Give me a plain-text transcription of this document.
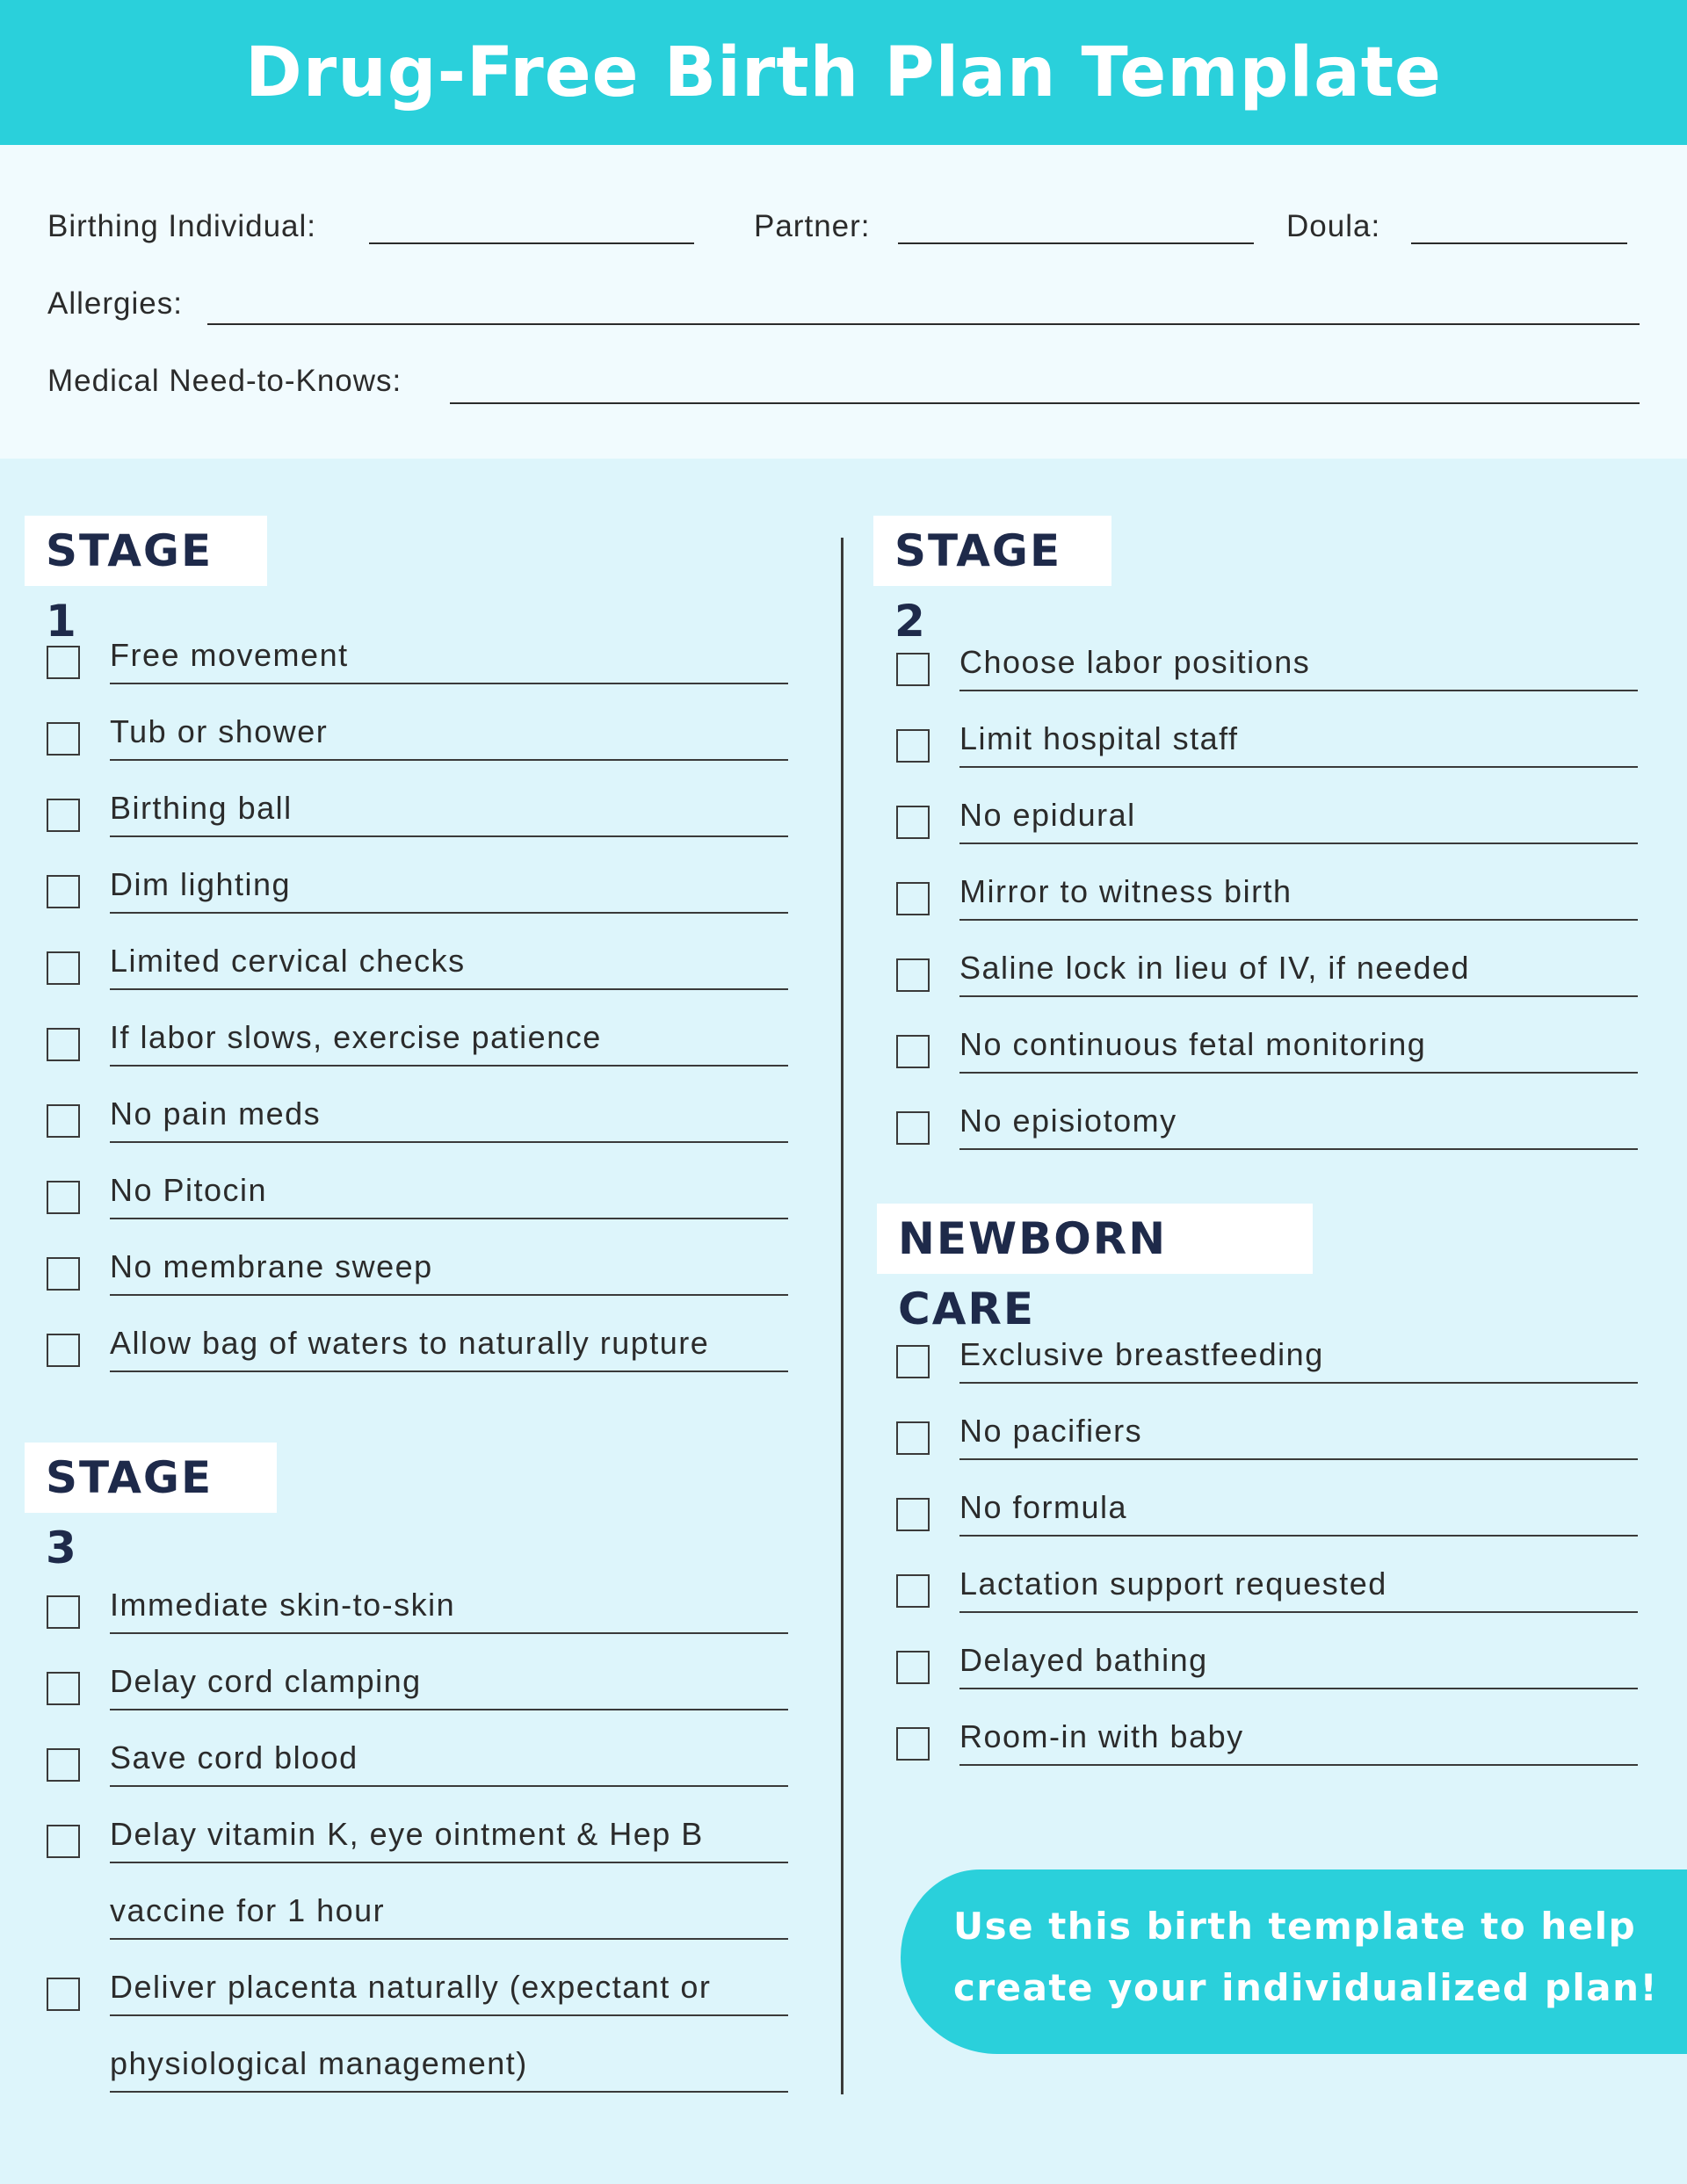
Drug-Free Birth Plan Template
Birthing Individual:	Partner:	Doula:
Allergies:
Medical Need-to-Knows:
STAGE 1
STAGE 3
STAGE 2
NEWBORN CARE
Free movement
Tub or shower
Birthing ball
Dim lighting
Limited cervical checks
If labor slows, exercise patience
No pain meds
No Pitocin
No membrane sweep
Allow bag of waters to naturally rupture
Immediate skin-to-skin
Delay cord clamping
Save cord blood
Delay vitamin K, eye ointment & Hep B
vaccine for 1 hour
Deliver placenta naturally (expectant or
physiological management)
Choose labor positions
Limit hospital staff
No epidural
Mirror to witness birth
Saline lock in lieu of IV, if needed
No continuous fetal monitoring
No episiotomy
Exclusive breastfeeding
No pacifiers
No formula
Lactation support requested
Delayed bathing
Room-in with baby
Use this birth template to help
create your individualized plan!
